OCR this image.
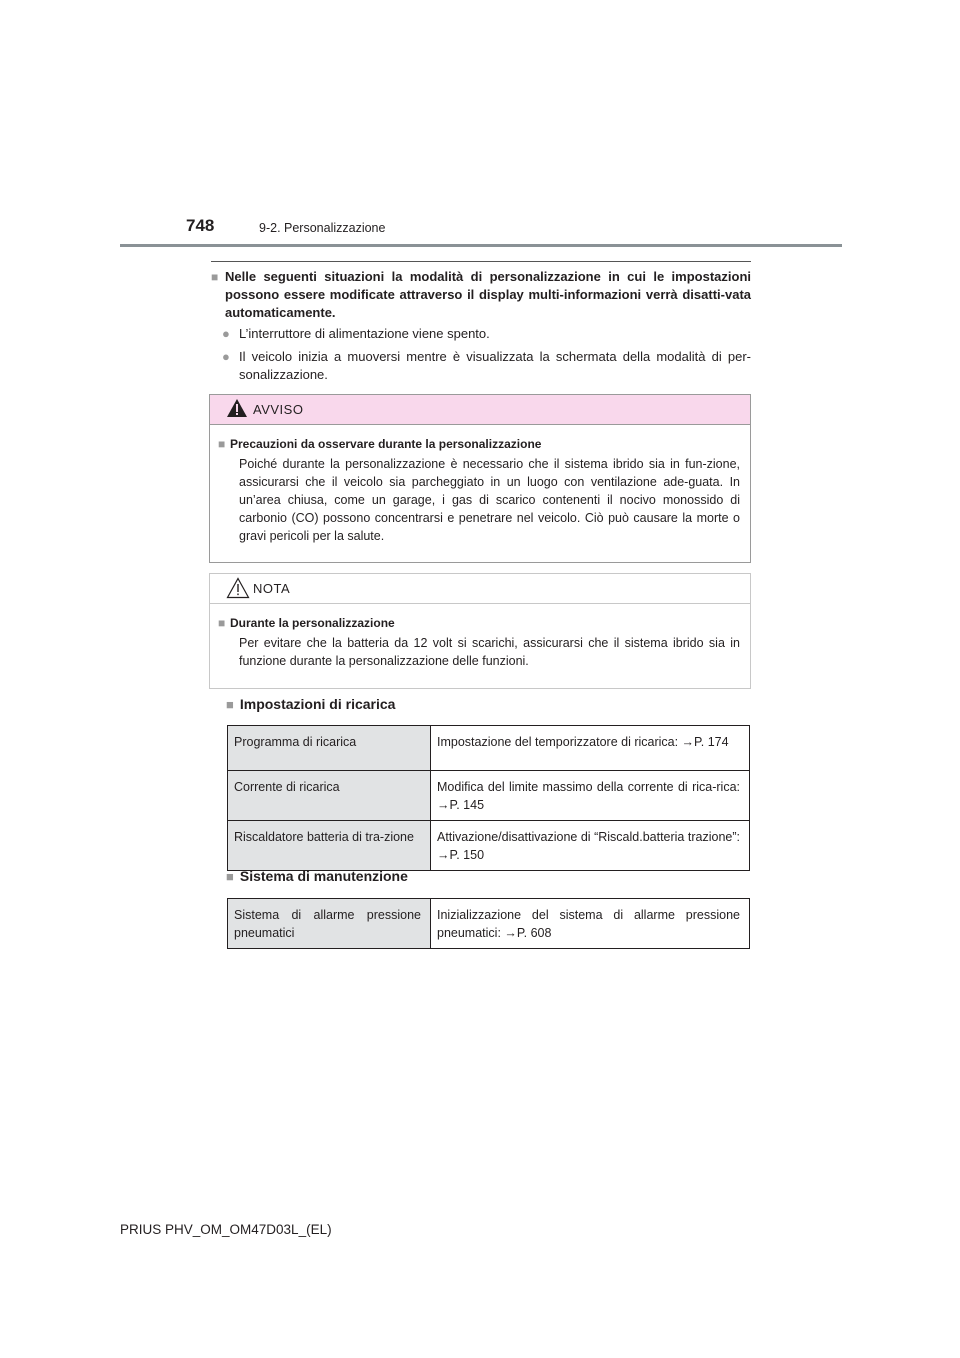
748	9-2. Personalizzazione
■ Nelle seguenti situazioni la modalità di personalizzazione in cui le impostazioni possono essere modificate attraverso il display multi-informazioni verrà disatti-vata automaticamente.
● L’interruttore di alimentazione viene spento.
● Il veicolo inizia a muoversi mentre è visualizzata la schermata della modalità di per-sonalizzazione.
AVVISO
■ Precauzioni da osservare durante la personalizzazione
Poiché durante la personalizzazione è necessario che il sistema ibrido sia in fun-zione, assicurarsi che il veicolo sia parcheggiato in un luogo con ventilazione ade-guata. In un’area chiusa, come un garage, i gas di scarico contenenti il nocivo monossido di carbonio (CO) possono concentrarsi e penetrare nel veicolo. Ciò può causare la morte o gravi pericoli per la salute.
NOTA
■ Durante la personalizzazione
Per evitare che la batteria da 12 volt si scarichi, assicurarsi che il sistema ibrido sia in funzione durante la personalizzazione delle funzioni.
■ Impostazioni di ricarica
Programma di ricarica	Impostazione del temporizzatore di ricarica: →P. 174
Corrente di ricarica	Modifica del limite massimo della corrente di rica-rica: →P. 145
Riscaldatore batteria di tra-zione	Attivazione/disattivazione di “Riscald.batteria trazione”: →P. 150
■ Sistema di manutenzione
Sistema di allarme pressione pneumatici	Inizializzazione del sistema di allarme pressione pneumatici: →P. 608
PRIUS PHV_OM_OM47D03L_(EL)
